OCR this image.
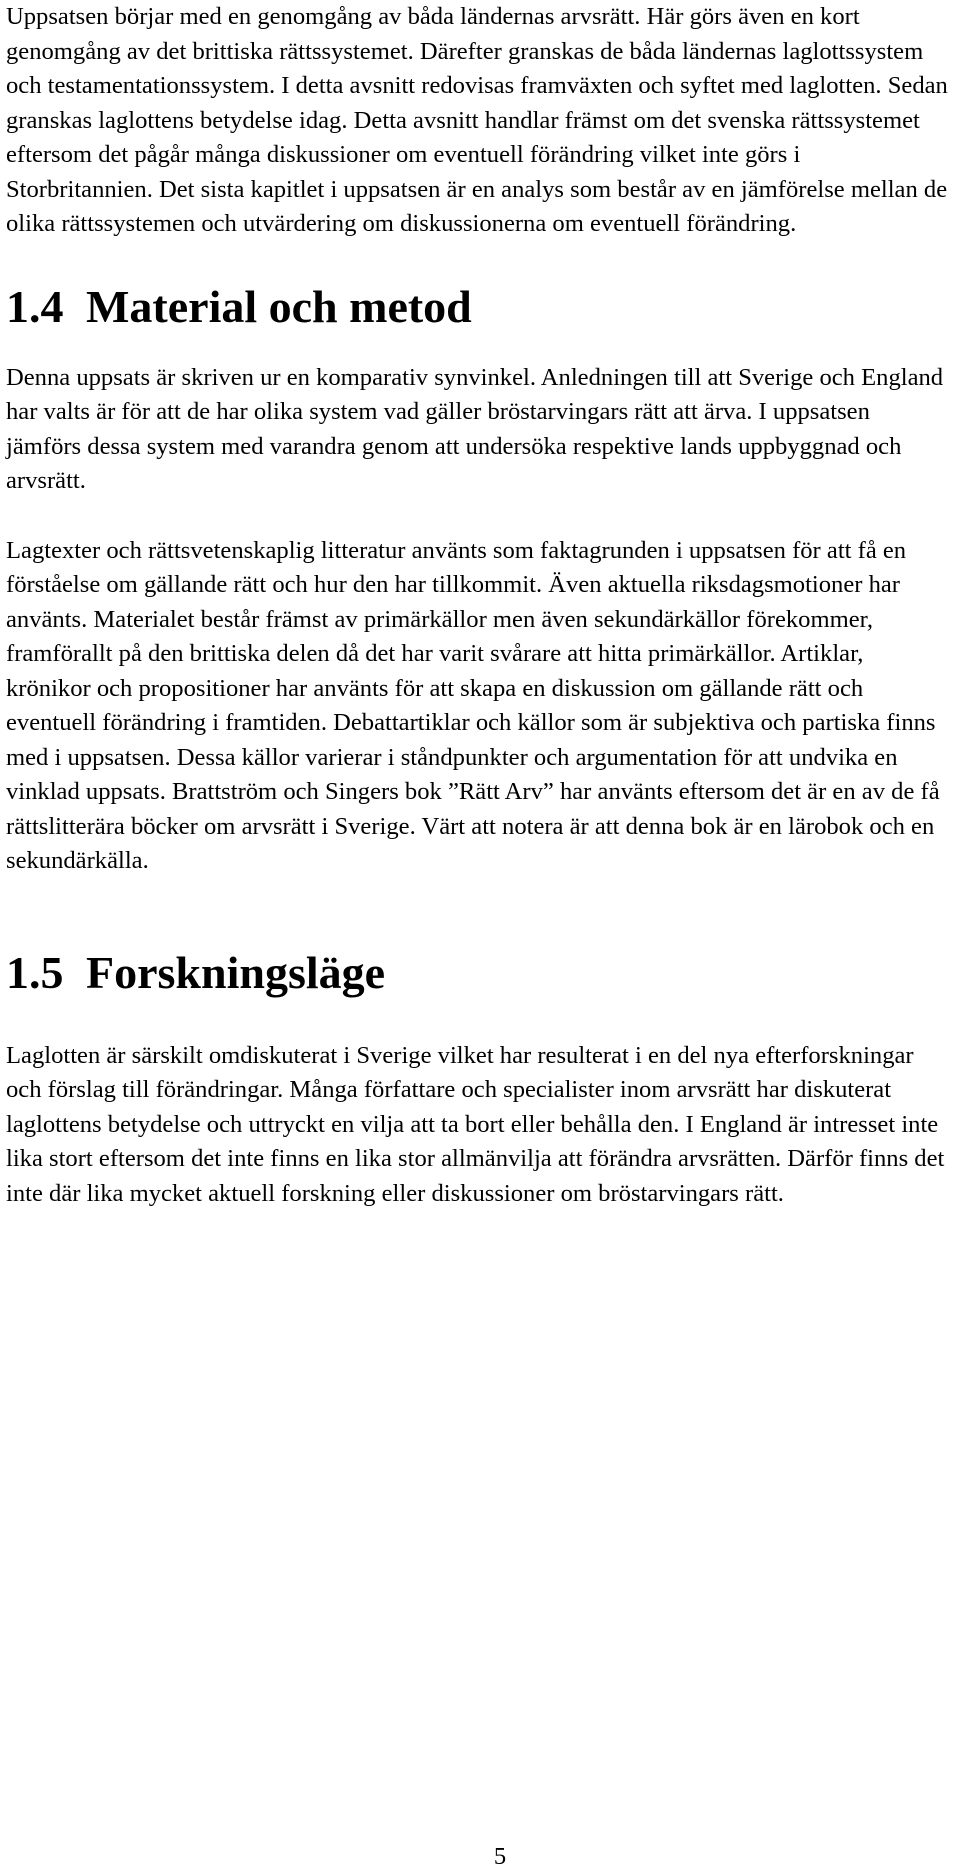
Uppsatsen börjar med en genomgång av båda ländernas arvsrätt. Här görs även en kort genomgång av det brittiska rättssystemet. Därefter granskas de båda ländernas laglottssystem och testamentationssystem. I detta avsnitt redovisas framväxten och syftet med laglotten. Sedan granskas laglottens betydelse idag. Detta avsnitt handlar främst om det svenska rättssystemet eftersom det pågår många diskussioner om eventuell förändring vilket inte görs i Storbritannien. Det sista kapitlet i uppsatsen är en analys som består av en jämförelse mellan de olika rättssystemen och utvärdering om diskussionerna om eventuell förändring.

1.4 Material och metod

Denna uppsats är skriven ur en komparativ synvinkel. Anledningen till att Sverige och England har valts är för att de har olika system vad gäller bröstarvingars rätt att ärva. I uppsatsen jämförs dessa system med varandra genom att undersöka respektive lands uppbyggnad och arvsrätt.

Lagtexter och rättsvetenskaplig litteratur använts som faktagrunden i uppsatsen för att få en förståelse om gällande rätt och hur den har tillkommit. Även aktuella riksdagsmotioner har använts. Materialet består främst av primärkällor men även sekundärkällor förekommer, framförallt på den brittiska delen då det har varit svårare att hitta primärkällor. Artiklar, krönikor och propositioner har använts för att skapa en diskussion om gällande rätt och eventuell förändring i framtiden. Debattartiklar och källor som är subjektiva och partiska finns med i uppsatsen. Dessa källor varierar i ståndpunkter och argumentation för att undvika en vinklad uppsats. Brattström och Singers bok ”Rätt Arv” har använts eftersom det är en av de få rättslitterära böcker om arvsrätt i Sverige. Värt att notera är att denna bok är en lärobok och en sekundärkälla.

1.5 Forskningsläge

Laglotten är särskilt omdiskuterat i Sverige vilket har resulterat i en del nya efterforskningar och förslag till förändringar. Många författare och specialister inom arvsrätt har diskuterat laglottens betydelse och uttryckt en vilja att ta bort eller behålla den. I England är intresset inte lika stort eftersom det inte finns en lika stor allmänvilja att förändra arvsrätten. Därför finns det inte där lika mycket aktuell forskning eller diskussioner om bröstarvingars rätt.

5
